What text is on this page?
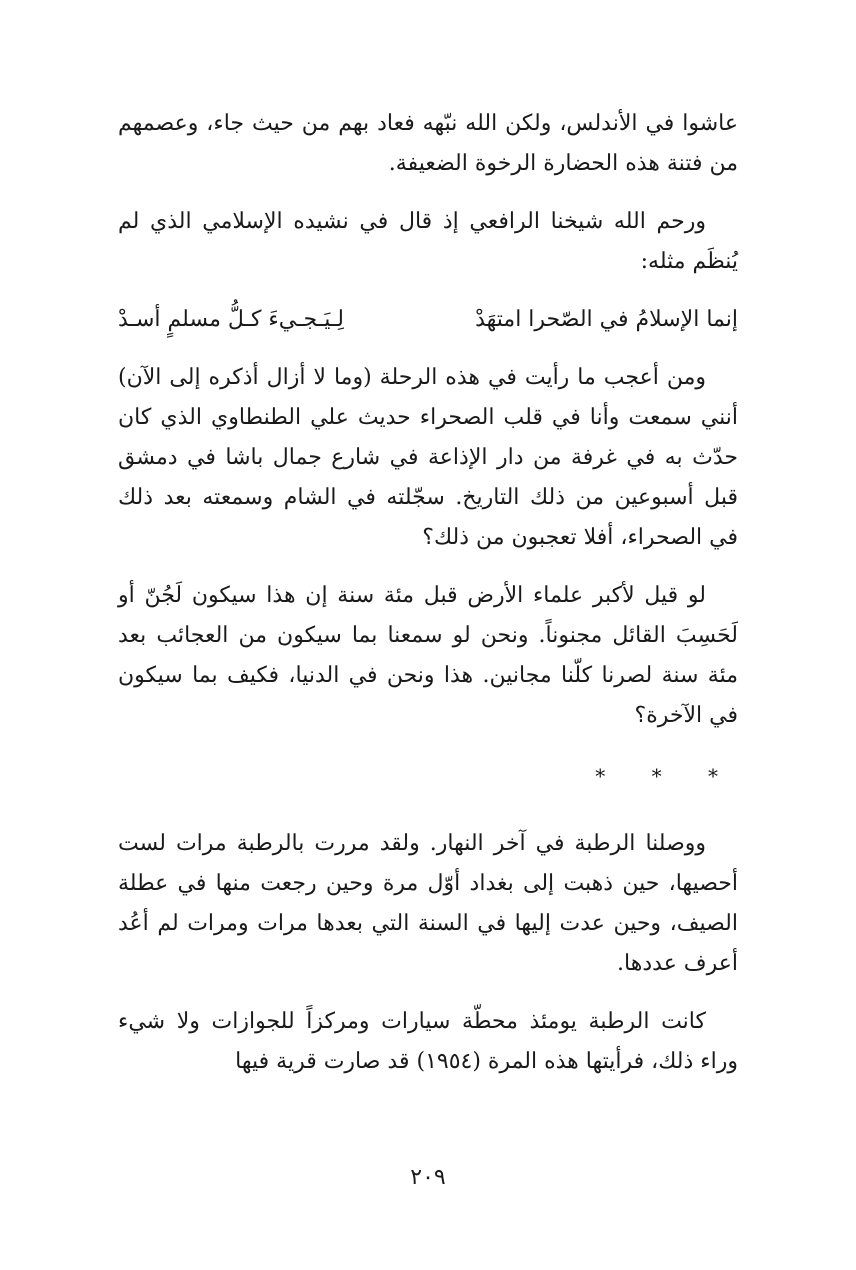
عاشوا في الأندلس، ولكن الله نبّهه فعاد بهم من حيث جاء، وعصمهم من فتنة هذه الحضارة الرخوة الضعيفة.

ورحم الله شيخنا الرافعي إذ قال في نشيده الإسلامي الذي لم يُنظَم مثله:

إنما الإسلامُ في الصّحرا امتهَدْ
لِـيَـجـيءَ كـلُّ مسلمٍ أسـدْ

ومن أعجب ما رأيت في هذه الرحلة (وما لا أزال أذكره إلى الآن) أنني سمعت وأنا في قلب الصحراء حديث علي الطنطاوي الذي كان حدّث به في غرفة من دار الإذاعة في شارع جمال باشا في دمشق قبل أسبوعين من ذلك التاريخ. سجّلته في الشام وسمعته بعد ذلك في الصحراء، أفلا تعجبون من ذلك؟

لو قيل لأكبر علماء الأرض قبل مئة سنة إن هذا سيكون لَجُنّ أو لَحَسِبَ القائل مجنوناً. ونحن لو سمعنا بما سيكون من العجائب بعد مئة سنة لصرنا كلّنا مجانين. هذا ونحن في الدنيا، فكيف بما سيكون في الآخرة؟

* * *

ووصلنا الرطبة في آخر النهار. ولقد مررت بالرطبة مرات لست أحصيها، حين ذهبت إلى بغداد أوّل مرة وحين رجعت منها في عطلة الصيف، وحين عدت إليها في السنة التي بعدها مرات ومرات لم أعُد أعرف عددها.

كانت الرطبة يومئذ محطّة سيارات ومركزاً للجوازات ولا شيء وراء ذلك، فرأيتها هذه المرة (١٩٥٤) قد صارت قرية فيها

٢٠٩
